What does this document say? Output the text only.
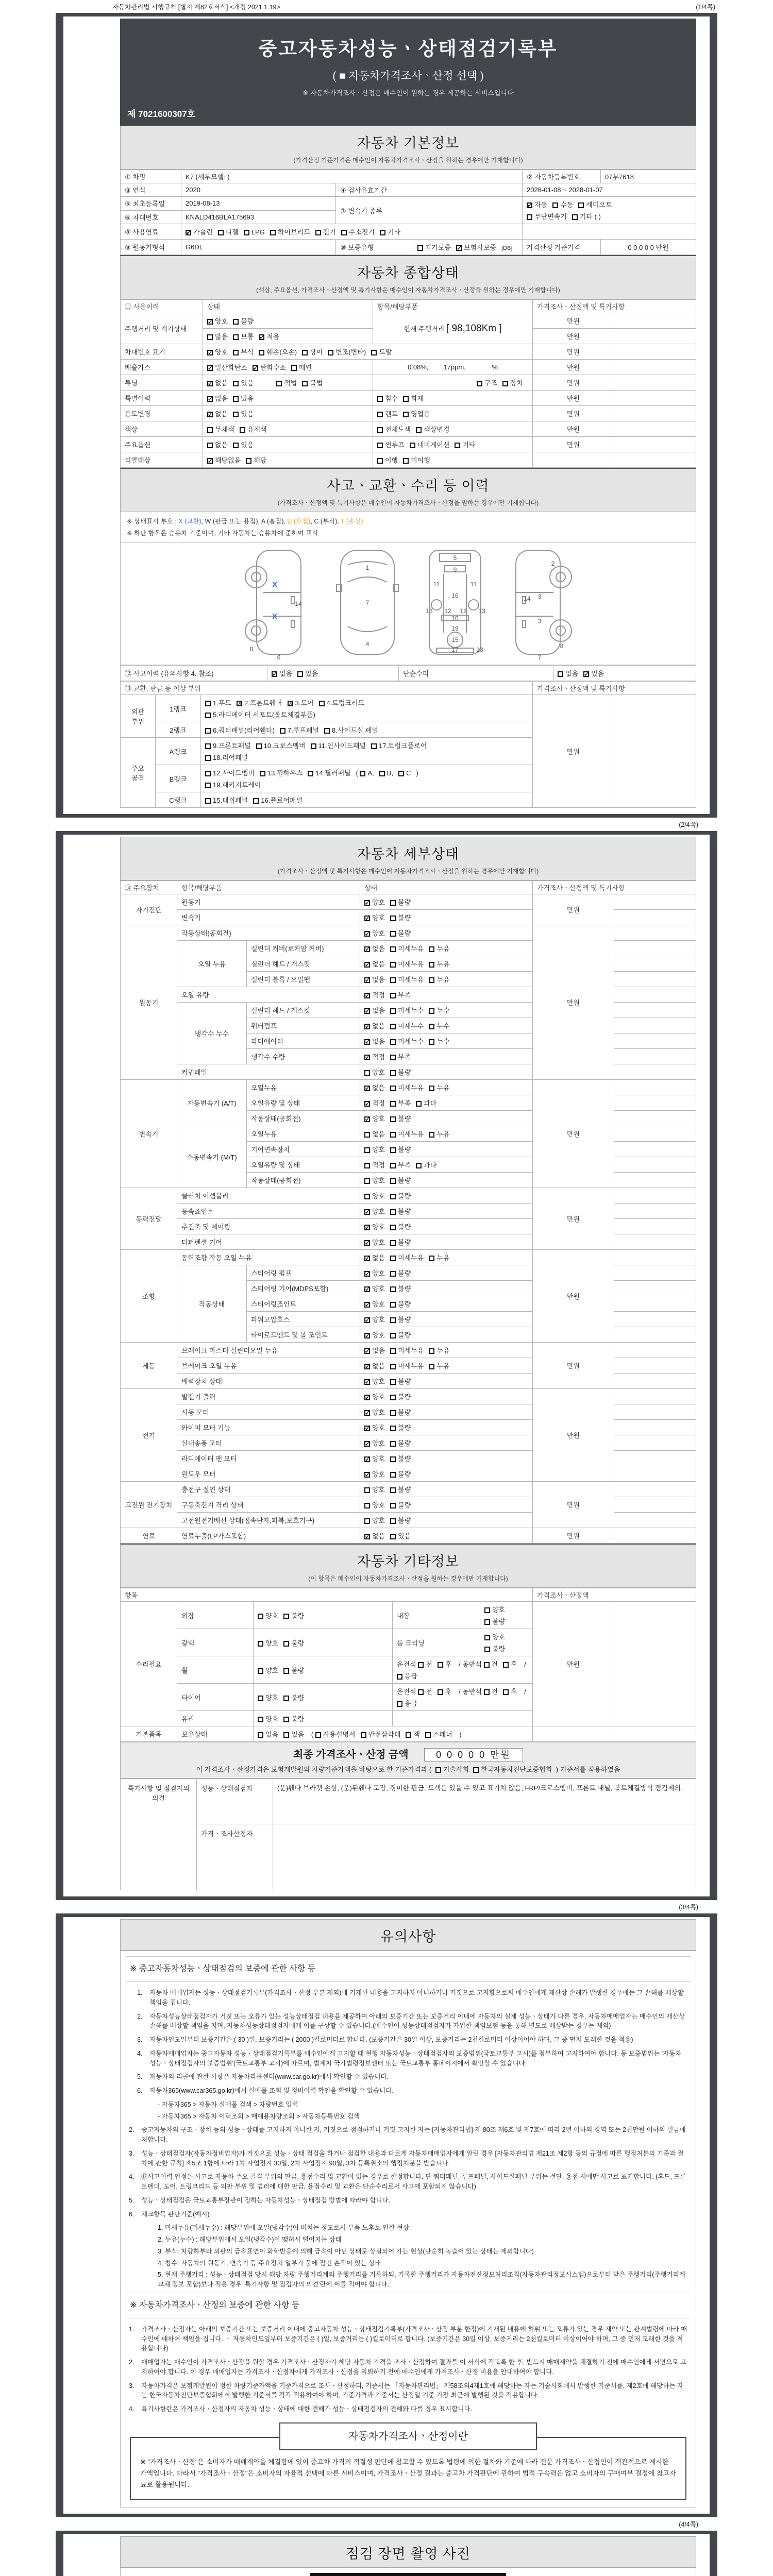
자동차관리법 시행규칙 [별지 제82호서식] <개정 2021.1.19>	(1/4쪽)
중고자동차성능ㆍ상태점검기록부
( ■ 자동차가격조사ㆍ산정 선택 )
※ 자동차가격조사ㆍ산정은 매수인이 원하는 경우 제공하는 서비스입니다
제 7021600307호
자동차 기본정보
(가격산정 기준가격은 매수인이 자동차가격조사ㆍ산정을 원하는 경우에만 기재합니다)
① 차명	K7 (세부모델: )			② 자동차등록번호	07부7618
③ 연식	2020	④ 검사유효기간		2026-01-08 ~ 2028-01-07	
⑤ 최초등록일	2019-08-13	⑦ 변속기 종류	
✓자동 수동 세미오토
무단변속기 기타 ( )

⑥ 차대번호	KNALD416BLA175693				
⑧ 사용연료	✓가솔린 디젤 LPG 하이브리드 전기 수소전기 기타	
⑨ 원동기형식	G6DL	⑩ 보증유형	자가보증 ✓ 보험사보증 [DB]	가격산정 기준가격	0 0 0 0 0 만원
자동차 종합상태
(색상, 주요옵션, 가격조사ㆍ산정액 및 특기사항은 매수인이 자동차가격조사ㆍ산정을 원하는 경우에만 기재합니다)
⑪ 사용이력	상태	항목/해당부품	가격조사ㆍ산정액 및 특기사항	
주행거리 및 계기상태	✓양호 불량	현재 주행거리 [ 98,108Km ]	만원	
	많음 보통 ✓ 적음		만원	
차대번호 표기	✓양호 부식 훼손(오손) 상이 변조(변타) 도말		만원	
배출가스	✓일산화탄소 ✓ 탄화수소 매연	0.08%,        17ppm,              %	만원	
튜닝	✓없음 있음 적법 불법	구조 장치	만원	
특별이력	✓없음 있음	침수 화재	만원	
용도변경	✓없음 있음	렌트 영업용	만원	
색상	무채색 유채색	전체도색 색상변경	만원	
주요옵션	없음 있음	썬루프 네비게이션 기타	만원	
리콜대상	✓해당없음 해당	이행 미이행		
사고ㆍ교환ㆍ수리 등 이력
(가격조사ㆍ산정액 및 특기사항은 매수인이 자동차가격조사ㆍ산정을 원하는 경우에만 기재합니다)
※ 상태표시 부호 : X (교환) , W (판금 또는 용접) , A (흠집) , U (요철) , C (부식) , T (손상)
※ 하단 항목은 승용차 기준이며, 기타 자동차는 승용차에 준하여 표시
8
6
14
1
7
4
5
9
11	11
13 12 12 13
16
10
19
15
17	18
2
3
3
14
8
7
X
X
⑫ 사고이력 (유의사항 4. 참조)	✓없음 있음	단순수리	없음 ✓ 있음
⑬ 교환, 판금 등 이상 부위			가격조사ㆍ산정액 및 특기사항	
외판 부위	1랭크	1.후드 x 2.프론트휀더 x 3.도어 4.트렁크리드
5.라디에이터 서포트(볼트체결부품)	만원	
	2랭크	6.쿼터패널(리어휀다) 7.루프패널 8.사이드실 패널		
주요 골격	A랭크	9.프론트패널 10.크로스멤버 11.인사이드패널 17.트렁크플로어
18.리어패널		

	B랭크	12.사이드멤버 13.휠하우스 14.필러패널 ( A, B, C )
19.패키지트레이		

	C랭크	15.대쉬패널 16.플로어패널		
(2/4쪽)
자동차 세부상태
(가격조사ㆍ산정액 및 특기사항은 매수인이 자동차가격조사ㆍ산정을 원하는 경우에만 기재합니다)
⑭ 주요장치	항목/해당부품		상태	가격조사ㆍ산정액 및 특기사항	
자기진단	원동기	✓양호 불량	만원	
	변속기	✓양호 불량	
원동기	작동상태(공회전)	✓양호 불량	만원	
	오일 누유	실린더 커버(로커암 커버)	✓없음 미세누유 누유	
		실린더 헤드 / 개스킷	✓없음 미세누유 누유	
		실린더 블록 / 오일팬	✓없음 미세누유 누유	
	오일 유량	✓적정 부족	
	냉각수 누수	실린더 헤드 / 개스킷	✓없음 미세누수 누수	
		워터펌프	✓없음 미세누수 누수	
		라디에이터	✓없음 미세누수 누수	
		냉각수 수량	✓적정 부족	
	커먼레일		양호 불량		
변속기	자동변속기 (A/T)	오일누유	✓없음 미세누유 누유	만원	
		오일유량 및 상태	✓적정 부족 과다	
		작동상태(공회전)	✓양호 불량	
	수동변속기 (M/T)	오일누유	없음 미세누유 누유		
		기어변속장치	양호 불량		
		오일유량 및 상태	적정 부족 과다		
		작동상태(공회전)	양호 불량		
동력전달	클러치 어셈블리		양호 불량	만원	
	등속죠인트	✓양호 불량	
	추진축 및 베어링	✓양호 불량	
	디퍼렌셜 기어	✓양호 불량	
조향	동력조향 작동 오일 누유	✓없음 미세누유 누유	만원	
	작동상태	스티어링 펌프	✓양호 불량	
		스티어링 기어(MDPS포함)	✓양호 불량	
		스티어링조인트	✓양호 불량	
		파워고압호스	✓양호 불량	
		타이로드엔드 및 볼 조인트	✓양호 불량	
제동	브레이크 마스터 실린더오일 누유	✓없음 미세누유 누유	만원	
	브레이크 오일 누유	✓없음 미세누유 누유	
	배력장치 상태	✓양호 불량	
전기	발전기 출력	✓양호 불량	만원	
	시동 모터	✓양호 불량	
	와이퍼 모터 기능	✓양호 불량	
	실내송풍 모터	✓양호 불량	
	라디에이터 팬 모터	✓양호 불량	
	윈도우 모터	✓양호 불량	
고전원 전기장치	충전구 절연 상태		양호 불량	만원	
	구동축전지 격리 상태		양호 불량		
	고전원전기배선 상태(접속단자,피복,보호기구)		양호 불량		
연료	연료누출(LP가스포함)	✓없음 있음	만원	
자동차 기타정보
(이 항목은 매수인이 자동차가격조사ㆍ산정을 원하는 경우에만 기재합니다)
항목					가격조사ㆍ산정액	
수리필요	외장	양호 불량	내장	양호불량	만원	
	광택	양호 불량	룸 크리닝	양호불량		
	휠	양호 불량	운전석 전 후 / 동반석 전 후 / 응급			
	타이어	양호 불량	운전석 전 후 / 동반석 전 후 / 응급			
	유리	양호 불량				
기본품목	보유상태	없음 있음 ( 사용설명서 안전삼각대 잭 스패너 )				
최종 가격조사ㆍ산정 금액	0 0 0 0 0 만원
이 가격조사ㆍ산정가격은 보험개발원의 차량기준가액을 바탕으로 한 기준가격과 ( 기술사회 한국자동차진단보증협회 ) 기준서를 적용하였음
특기사항 및 점검자의 의견	성능ㆍ상태점검자	(운)휀다 브라켓 손상, (운)뒤휀다 도장, 경미한 판금, 도색은 있을 수 있고 표기치 않음, FRP/크로스멤버, 프론트 패널, 볼트체결방식 점검제외.
	가격ㆍ조사산정자	
(3/4쪽)
유의사항
※ 중고자동차성능ㆍ상태점검의 보증에 관한 사항 등
1.	자동차 매매업자는 성능ㆍ상태점검기록부(가격조사ㆍ산정 부분 제외)에 기재된 내용을 고지하지 아니하거나 거짓으로 고지함으로써 매수인에게 재산상 손해가 발생한 경우에는 그 손해를 배상할 책임을 집니다.
2.	자동차성능상태점검자가 거짓 또는 오류가 있는 성능상태점검 내용을 제공하여 아래의 보증기간 또는 보증거리 이내에 자동차의 실제 성능ㆍ상태가 다른 경우, 자동차매매업자는 매수인의 재산상 손해를 배상할 책임을 지며, 자동차성능상태점검자에게 이를 구상할 수 있습니다.(매수인이 성능상태점검자가 가입한 책임보험 등을 통해 별도로 배상받는 경우는 제외)
3.	자동차인도일부터 보증기간은 ( 30 )일, 보증거리는 ( 2000 )킬로미터로 합니다. (보증기간은 30일 이상, 보증거리는 2천킬로미터 이상이어야 하며, 그 중 먼저 도래한 것을 적용)
4.	자동차매매업자는 중고자동차 성능ㆍ상태점검기록부를 매수인에게 고지할 때 현행 자동차성능ㆍ상태점검자의 보증범위(국토교통부 고시)를 첨부하여 고지하여야 합니다. 동 보증범위는 '자동차성능ㆍ상태점검자의 보증범위'(국토교통부 고시)에 따르며, 법제처 국가법령정보센터 또는 국토교통부 홈페이지에서 확인할 수 있습니다.
5.	자동차의 리콜에 관한 사항은 자동차리콜센터(www.car.go.kr)에서 확인할 수 있습니다.
6.	자동차365(www.car365.go.kr)에서 실매물 조회 및 정비이력 확인을 확인할 수 있습니다.
- 자동차365 > 자동차 실매물 검색 > 차량번호 입력
- 자동차365 > 자동차 이력조회 > 매매용차량조회 > 자동차등록번호 검색
2.	중고자동차의 구조ㆍ장치 등의 성능ㆍ상태를 고지하지 아니한 자, 거짓으로 점검하거나 거짓 고지한 자는 [자동차관리법] 제 80조 제6호 및 제7호에 따라 2년 이하의 징역 또는 2천만원 이하의 벌금에 처합니다.
3.	성능ㆍ상태점검자(자동차정비업자)가 거짓으로 성능ㆍ상태 점검을 하거나 점검한 내용과 다르게 자동차매매업자에게 알린 경우 [자동차관리법 제21조 제2항 등의 규정에 따른 행정처분의 기준과 절차에 관한 규칙] 제5조 1항에 따라 1차 사업정지 30일, 2차 사업정지 90일, 3차 등록취소의 행정처분을 받습니다.
4.	⑫사고이력 인정은 사고로 자동차 주요 골격 부위의 판금, 용접수리 및 교환이 있는 경우로 한정합니다. 단 쿼터패널, 루프패널, 사이드실패널 부위는 절단, 용접 시에만 사고로 표기합니다. (후드, 프론트펜더, 도어, 트렁크리드 등 외판 부위 및 범퍼에 대한 판금, 용접수리 및 교환은 단순수리로서 사고에 포함되지 않습니다)
5.	성능ㆍ상태점검은 국토교통부장관이 정하는 자동차성능ㆍ상태점검 방법에 따라야 합니다.
6.	체크항목 판단기준(예시)
1. 미세누유(미세누수) : 해당부위에 오일(냉각수)이 비치는 정도로서 부품 노후로 인한 현상
2. 누유(누수) : 해당부위에서 오일(냉각수)이 맺혀서 떨어지는 상태
3. 부식: 차량하부와 외판의 금속표면이 화학반응에 의해 금속이 아닌 상태로 상실되어 가는 현상(단순히 녹슬어 있는 상태는 제외합니다)
4. 침수: 자동차의 원동기, 변속기 등 주요장치 일부가 물에 잠긴 흔적이 있는 상태
5. 현재 주행거리 : 성능ㆍ상태점검 당시 해당 차량 주행거리계의 주행거리를 기록하되, 기록한 주행거리가 자동차전산정보처리조직(자동차관리정보시스템)으로부터 받은 주행거리(주행거리계 교체 정보 포함)보다 적은 경우 '특기사항 및 점검자의 의견'란에 이를 적어야 합니다.
※ 자동차가격조사ㆍ산정의 보증에 관한 사항 등
1.	가격조사ㆍ산정자는 아래의 보증기간 또는 보증거리 이내에 중고자동차 성능ㆍ상태점검기록부(가격조사ㆍ산정 부분 한정)에 기재된 내용에 허위 또는 오류가 있는 경우 계약 또는 관계법령에 따라 매수인에 대하여 책임을 집니다. ㆍ 자동차인도일부터 보증기간은 ( )일, 보증거리는 ( )킬로미터로 합니다. (보증기간은 30일 이상, 보증거리는 2천킬로미터 이상이어야 하며, 그 중 먼저 도래한 것을 적용합니다)
2.	매매업자는 매수인이 가격조사ㆍ산정을 원할 경우 가격조사ㆍ산정자가 해당 자동차 가격을 조사ㆍ산정하여 결과를 이 서식에 적도록 한 후, 반드시 매매계약을 체결하기 전에 매수인에게 서면으로 고지하여야 합니다. 이 경우 매매업자는 가격조사ㆍ산정자에게 가격조사ㆍ산정을 의뢰하기 전에 매수인에게 가격조사ㆍ산정 비용을 안내하여야 합니다.
3.	자동차가격은 보험개발원이 정한 차량기준가액을 기준가격으로 조사ㆍ산정하되, 기준서는 「자동차관리법」 제58조의4제1호에 해당하는 자는 기술사회에서 발행한 기준서를, 제2호에 해당하는 자는 한국자동차진단보증협회에서 발행한 기준서를 각각 적용하여야 하며, 기준가격과 기준서는 산정일 기준 가장 최근에 발행된 것을 적용합니다.
4.	특기사항란은 가격조사ㆍ산정자의 자동차 성능ㆍ상태에 대한 견해가 성능ㆍ상태점검자의 견해와 다를 경우 표시합니다.
자동차가격조사ㆍ산정이란
※ "가격조사ㆍ산정"은 소비자가 매매계약을 체결함에 있어 중고차 가격의 적절성 판단에 참고할 수 있도록 법령에 의한 절차와 기준에 따라 전문 가격조사ㆍ산정인이 객관적으로 제시한 가액입니다. 따라서 "가격조사ㆍ산정"은 소비자의 자율적 선택에 따른 서비스이며, 가격조사ㆍ산정 결과는 중고차 가격판단에 관하여 법적 구속력은 없고 소비자의 구매여부 결정에 참고자료로 활용됩니다.
(4/4쪽)
점검 장면 촬영 사진
